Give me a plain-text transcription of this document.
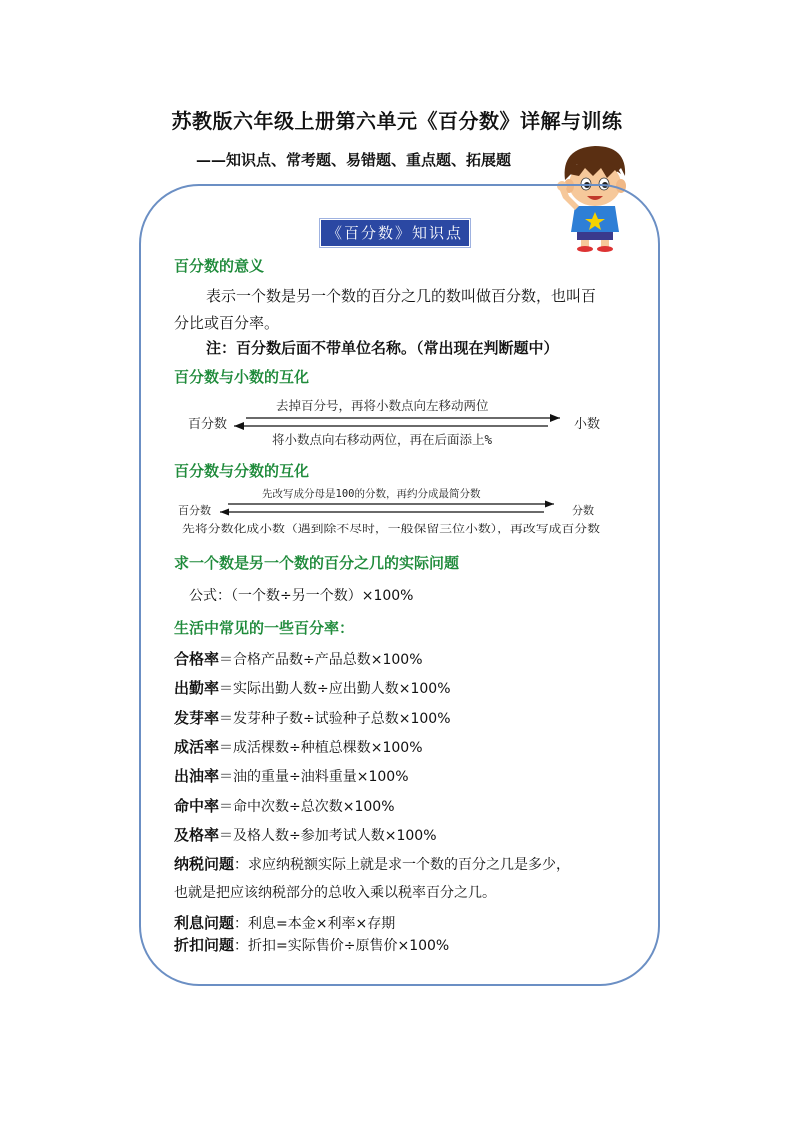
苏教版六年级上册第六单元《百分数》详解与训练
——知识点、常考题、易错题、重点题、拓展题
《百分数》知识点
百分数的意义
表示一个数是另一个数的百分之几的数叫做百分数，也叫百
分比或百分率。
注：百分数后面不带单位名称。（常出现在判断题中）
百分数与小数的互化
百分数
去掉百分号，再将小数点向左移动两位
小数
将小数点向右移动两位，再在后面添上%
百分数与分数的互化
百分数
先改写成分母是100的分数，再约分成最简分数
分数
先将分数化成小数（遇到除不尽时，一般保留三位小数），再改写成百分数
求一个数是另一个数的百分之几的实际问题
公式：（一个数÷另一个数）×100%
生活中常见的一些百分率：
合格率＝合格产品数÷产品总数×100%
出勤率＝实际出勤人数÷应出勤人数×100%
发芽率＝发芽种子数÷试验种子总数×100%
成活率＝成活棵数÷种植总棵数×100%
出油率＝油的重量÷油料重量×100%
命中率＝命中次数÷总次数×100%
及格率＝及格人数÷参加考试人数×100%
纳税问题：求应纳税额实际上就是求一个数的百分之几是多少，
也就是把应该纳税部分的总收入乘以税率百分之几。
利息问题：利息=本金×利率×存期
折扣问题：折扣=实际售价÷原售价×100%
